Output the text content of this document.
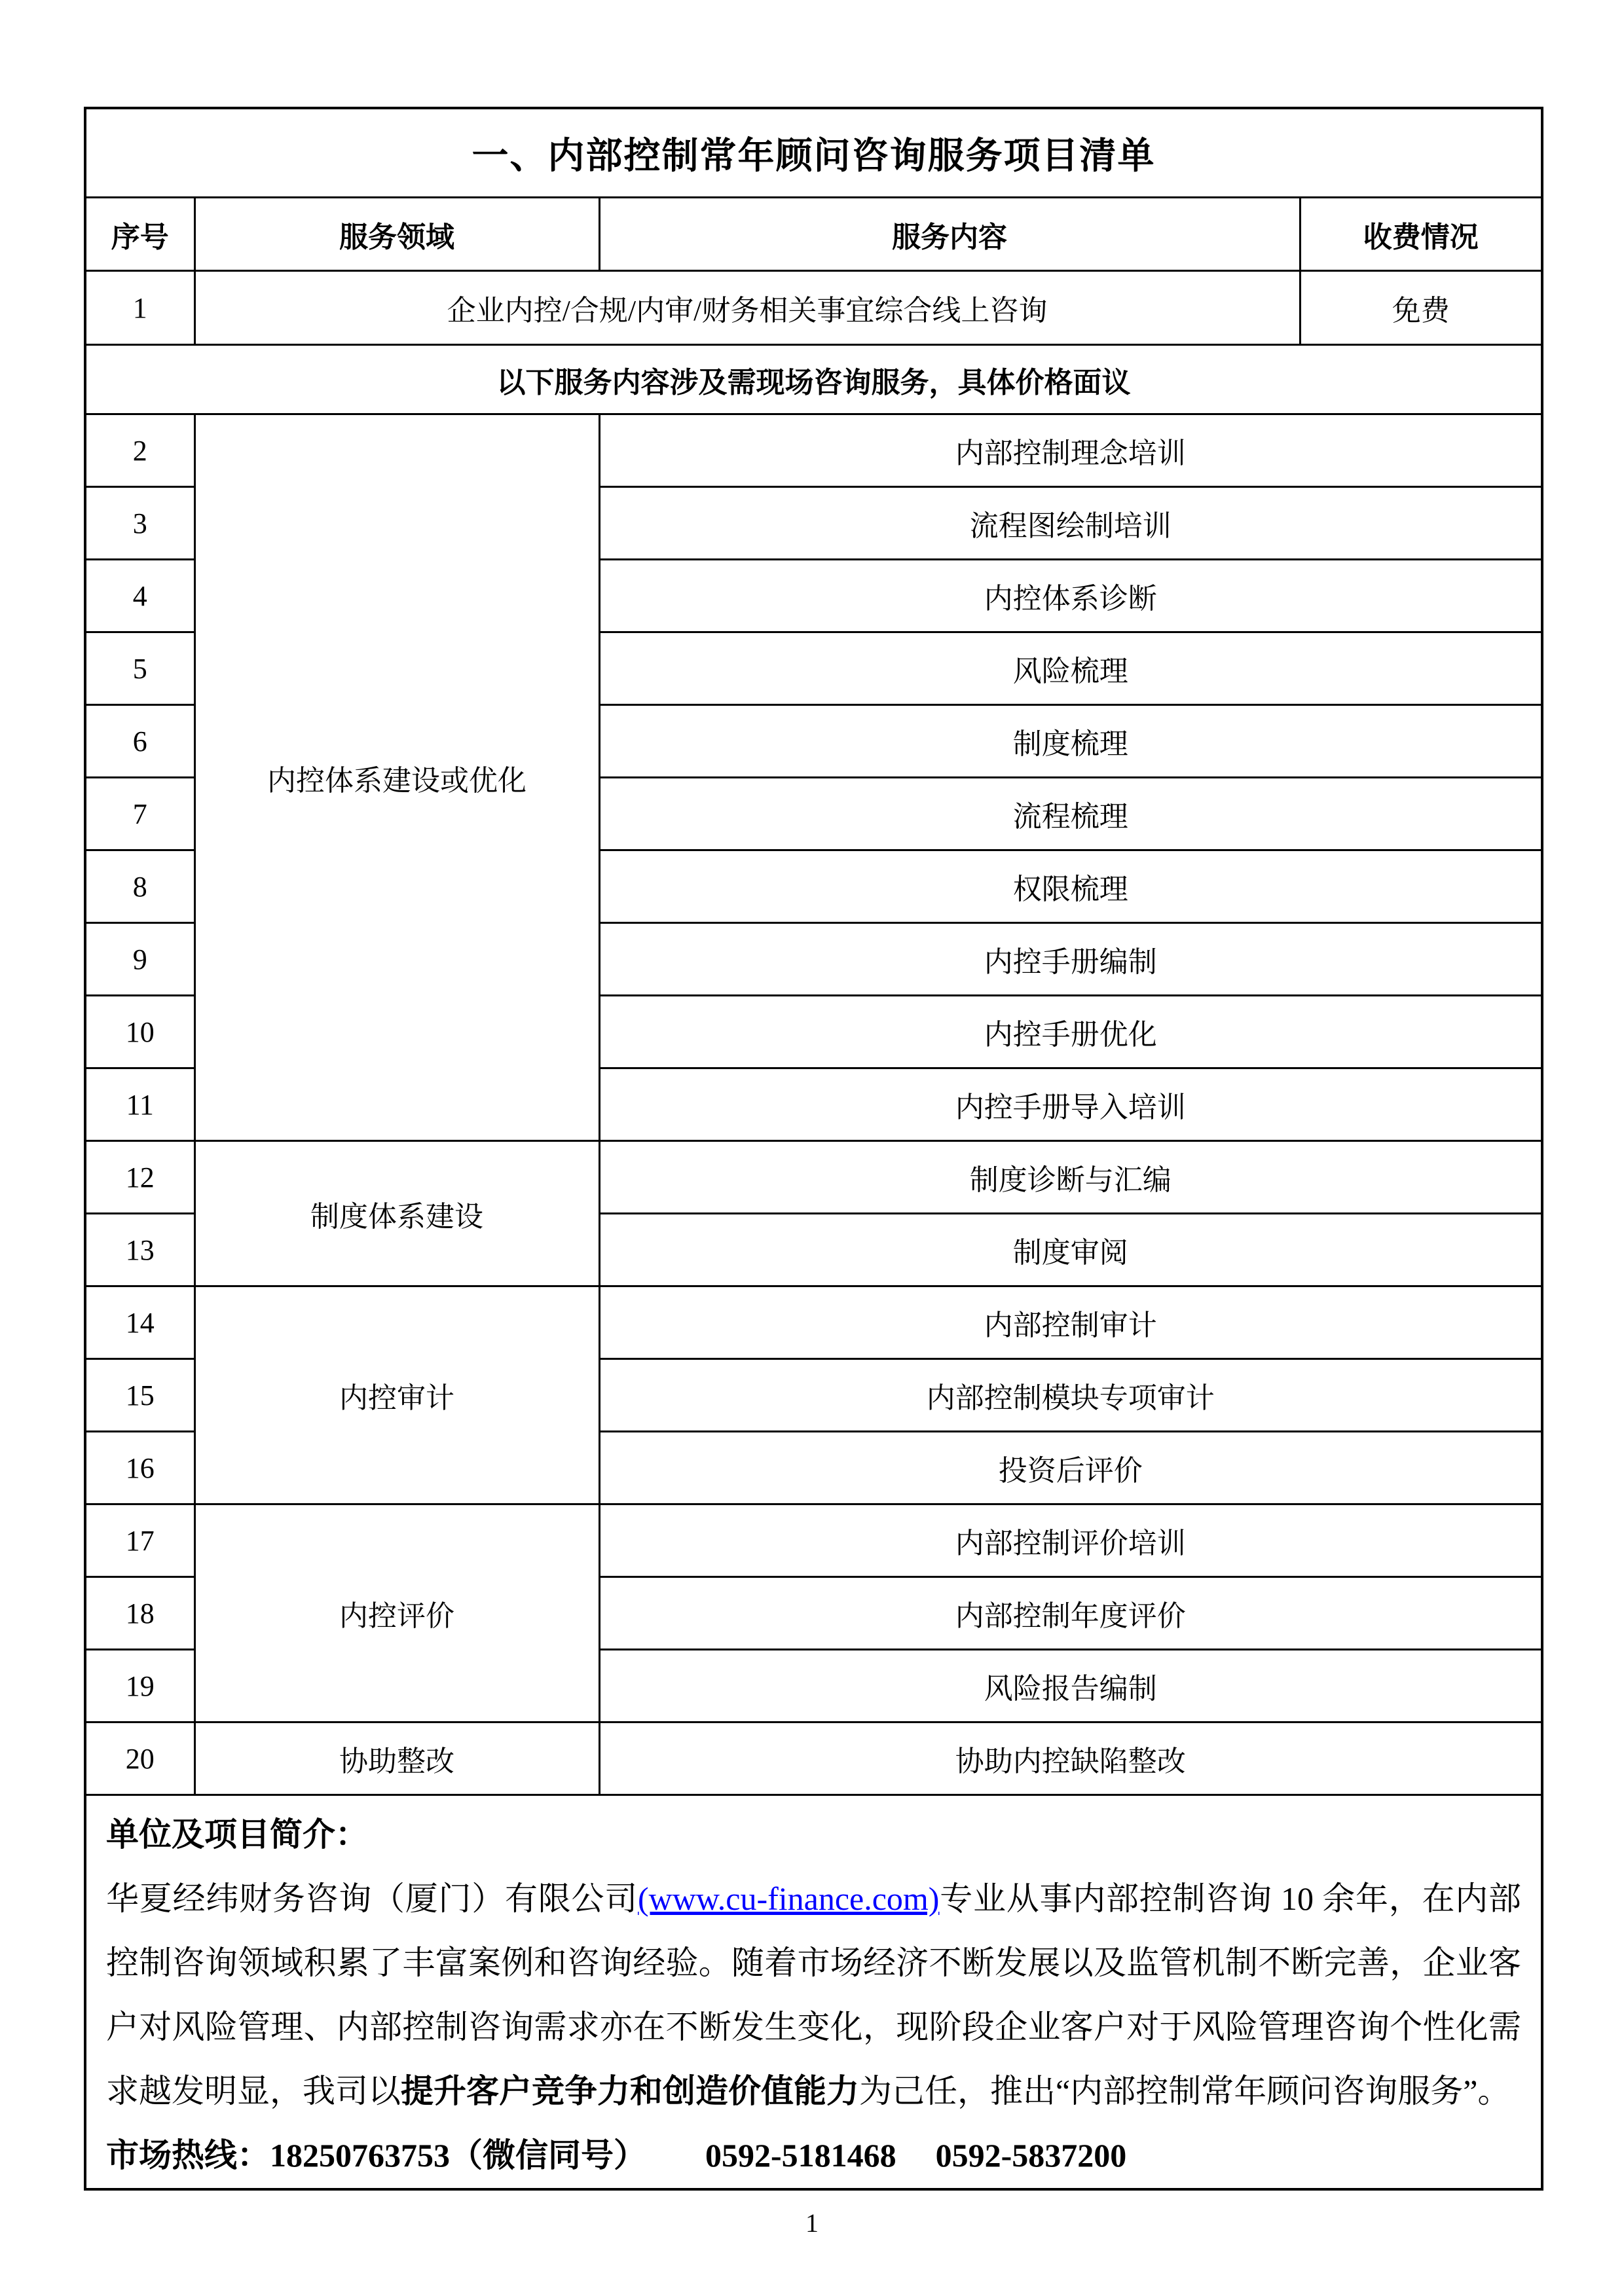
一、内部控制常年顾问咨询服务项目清单			
序号	服务领域	服务内容	收费情况
1	企业内控/合规/内审/财务相关事宜综合线上咨询		免费
以下服务内容涉及需现场咨询服务，具体价格面议			
2	内控体系建设或优化	内部控制理念培训	
3		流程图绘制培训	
4		内控体系诊断	
5		风险梳理	
6		制度梳理	
7		流程梳理	
8		权限梳理	
9		内控手册编制	
10		内控手册优化	
11		内控手册导入培训	
12	制度体系建设	制度诊断与汇编	
13		制度审阅	
14	内控审计	内部控制审计	
15		内部控制模块专项审计	
16		投资后评价	
17	内控评价	内部控制评价培训	
18		内部控制年度评价	
19		风险报告编制	
20	协助整改	协助内控缺陷整改	

单位及项目简介：

华夏经纬财务咨询（厦门）有限公司(www.cu-finance.com)专业从事内部控制咨询 10 余年，在内部控制咨询领域积累了丰富案例和咨询经验。随着市场经济不断发展以及监管机制不断完善，企业客户对风险管理、内部控制咨询需求亦在不断发生变化，现阶段企业客户对于风险管理咨询个性化需求越发明显，我司以提升客户竞争力和创造价值能力为己任，推出“内部控制常年顾问咨询服务”。

市场热线：18250763753（微信同号） 0592-5181468 0592-5837200			
1
